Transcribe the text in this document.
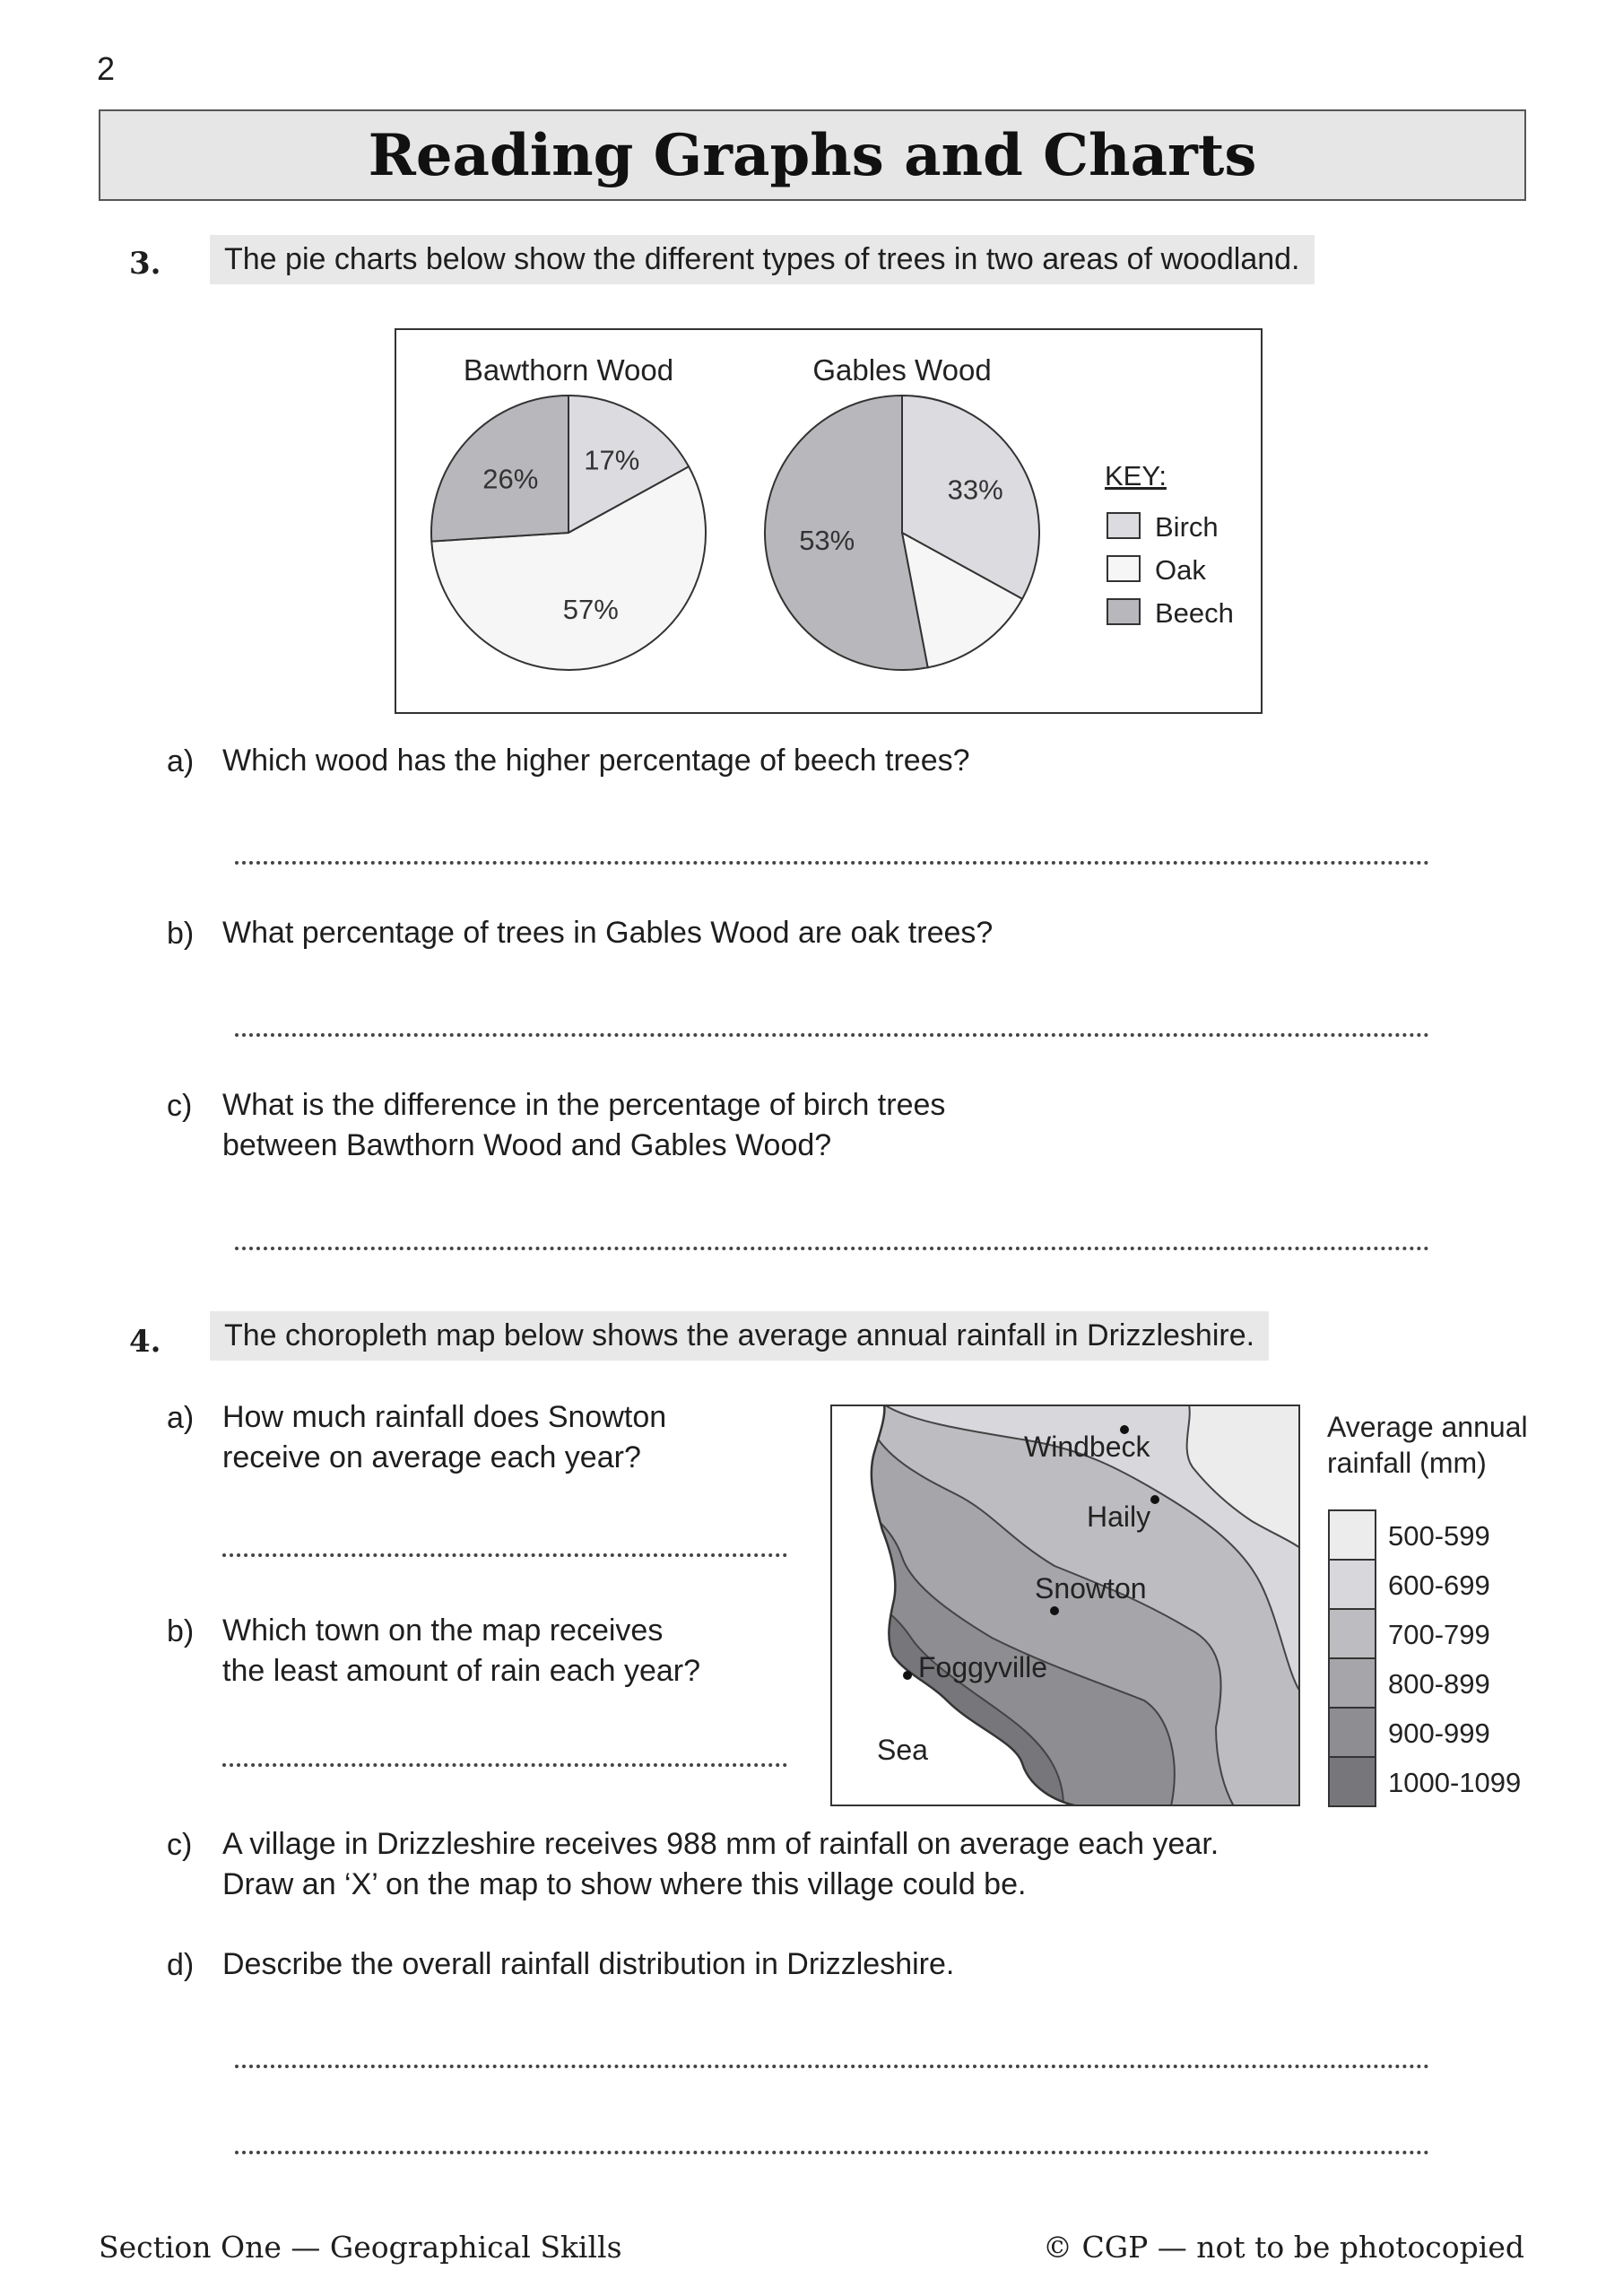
2
Reading Graphs and Charts
3.	The pie charts below show the different types of trees in two areas of woodland.
Bawthorn Wood	Gables Wood
17%
57%
26%	33%
53%
KEY:
Birch
Oak
Beech
a) Which wood has the higher percentage of beech trees?
b) What percentage of trees in Gables Wood are oak trees?
c) What is the difference in the percentage of birch trees
between Bawthorn Wood and Gables Wood?
4.	The choropleth map below shows the average annual rainfall in Drizzleshire.
a) How much rainfall does Snowton
receive on average each year?
b) Which town on the map receives
the least amount of rain each year?
Windbeck
Haily
Snowton
Foggyville
Sea
Average annual
rainfall (mm)
500-599
600-699
700-799
800-899
900-999
1000-1099
c) A village in Drizzleshire receives 988 mm of rainfall on average each year.
Draw an ‘X’ on the map to show where this village could be.
d) Describe the overall rainfall distribution in Drizzleshire.
Section One — Geographical Skills	© CGP — not to be photocopied
